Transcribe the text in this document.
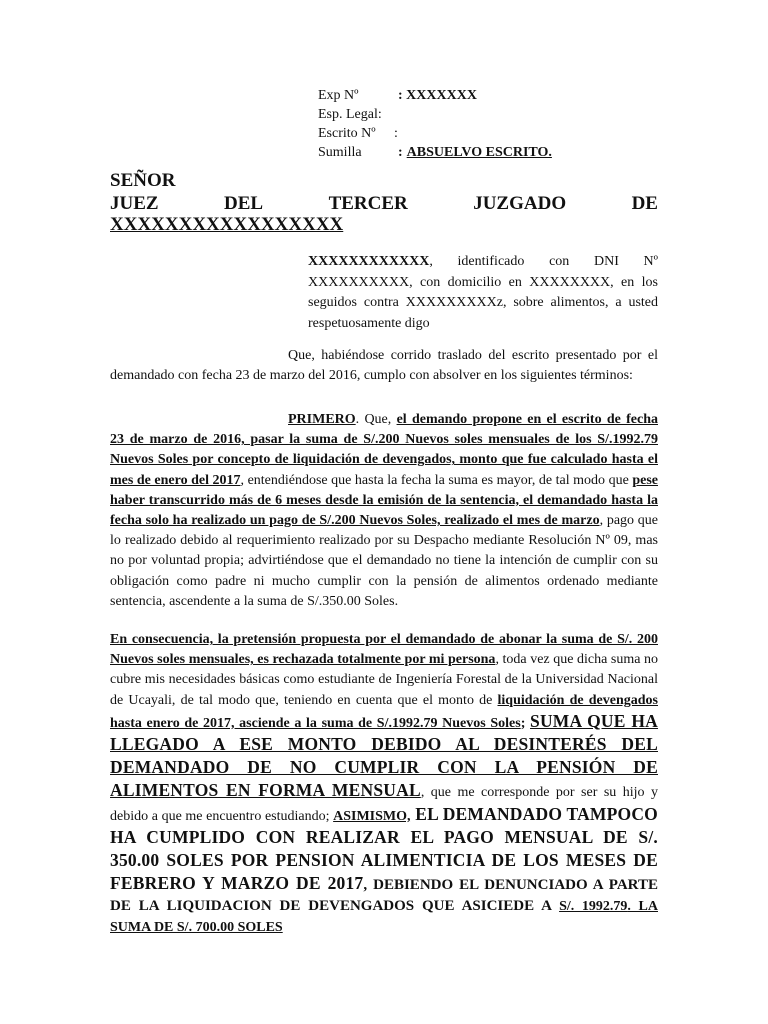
Exp Nº	: XXXXXXX
Esp. Legal:
Escrito Nº	:
Sumilla	: ABSUELVO ESCRITO.
SEÑOR
JUEZ	DEL	TERCER	JUZGADO	DE
XXXXXXXXXXXXXXXXX
XXXXXXXXXXXX, identificado con DNI Nº XXXXXXXXXX, con domicilio en XXXXXXXX, en los seguidos contra XXXXXXXXXz, sobre alimentos, a usted respetuosamente digo
Que, habiéndose corrido traslado del escrito presentado por el demandado con fecha 23 de marzo del 2016, cumplo con absolver en los siguientes términos:
PRIMERO. Que, el demando propone en el escrito de fecha 23 de marzo de 2016, pasar la suma de S/.200 Nuevos soles mensuales de los S/.1992.79 Nuevos Soles por concepto de liquidación de devengados, monto que fue calculado hasta el mes de enero del 2017, entendiéndose que hasta la fecha la suma es mayor, de tal modo que pese haber transcurrido más de 6 meses desde la emisión de la sentencia, el demandado hasta la fecha solo ha realizado un pago de S/.200 Nuevos Soles, realizado el mes de marzo, pago que lo realizado debido al requerimiento realizado por su Despacho mediante Resolución Nº 09, mas no por voluntad propia; advirtiéndose que el demandado no tiene la intención de cumplir con su obligación como padre ni mucho cumplir con la pensión de alimentos ordenado mediante sentencia, ascendente a la suma de S/.350.00 Soles.
En consecuencia, la pretensión propuesta por el demandado de abonar la suma de S/. 200 Nuevos soles mensuales, es rechazada totalmente por mi persona, toda vez que dicha suma no cubre mis necesidades básicas como estudiante de Ingeniería Forestal de la Universidad Nacional de Ucayali, de tal modo que, teniendo en cuenta que el monto de liquidación de devengados hasta enero de 2017, asciende a la suma de S/.1992.79 Nuevos Soles; SUMA QUE HA LLEGADO A ESE MONTO DEBIDO AL DESINTERÉS DEL DEMANDADO DE NO CUMPLIR CON LA PENSIÓN DE ALIMENTOS EN FORMA MENSUAL, que me corresponde por ser su hijo y debido a que me encuentro estudiando; ASIMISMO, EL DEMANDADO TAMPOCO HA CUMPLIDO CON REALIZAR EL PAGO MENSUAL DE S/. 350.00 SOLES POR PENSION ALIMENTICIA DE LOS MESES DE FEBRERO Y MARZO DE 2017, DEBIENDO EL DENUNCIADO A PARTE DE LA LIQUIDACION DE DEVENGADOS QUE ASICIEDE A S/. 1992.79. LA SUMA DE S/. 700.00 SOLES
